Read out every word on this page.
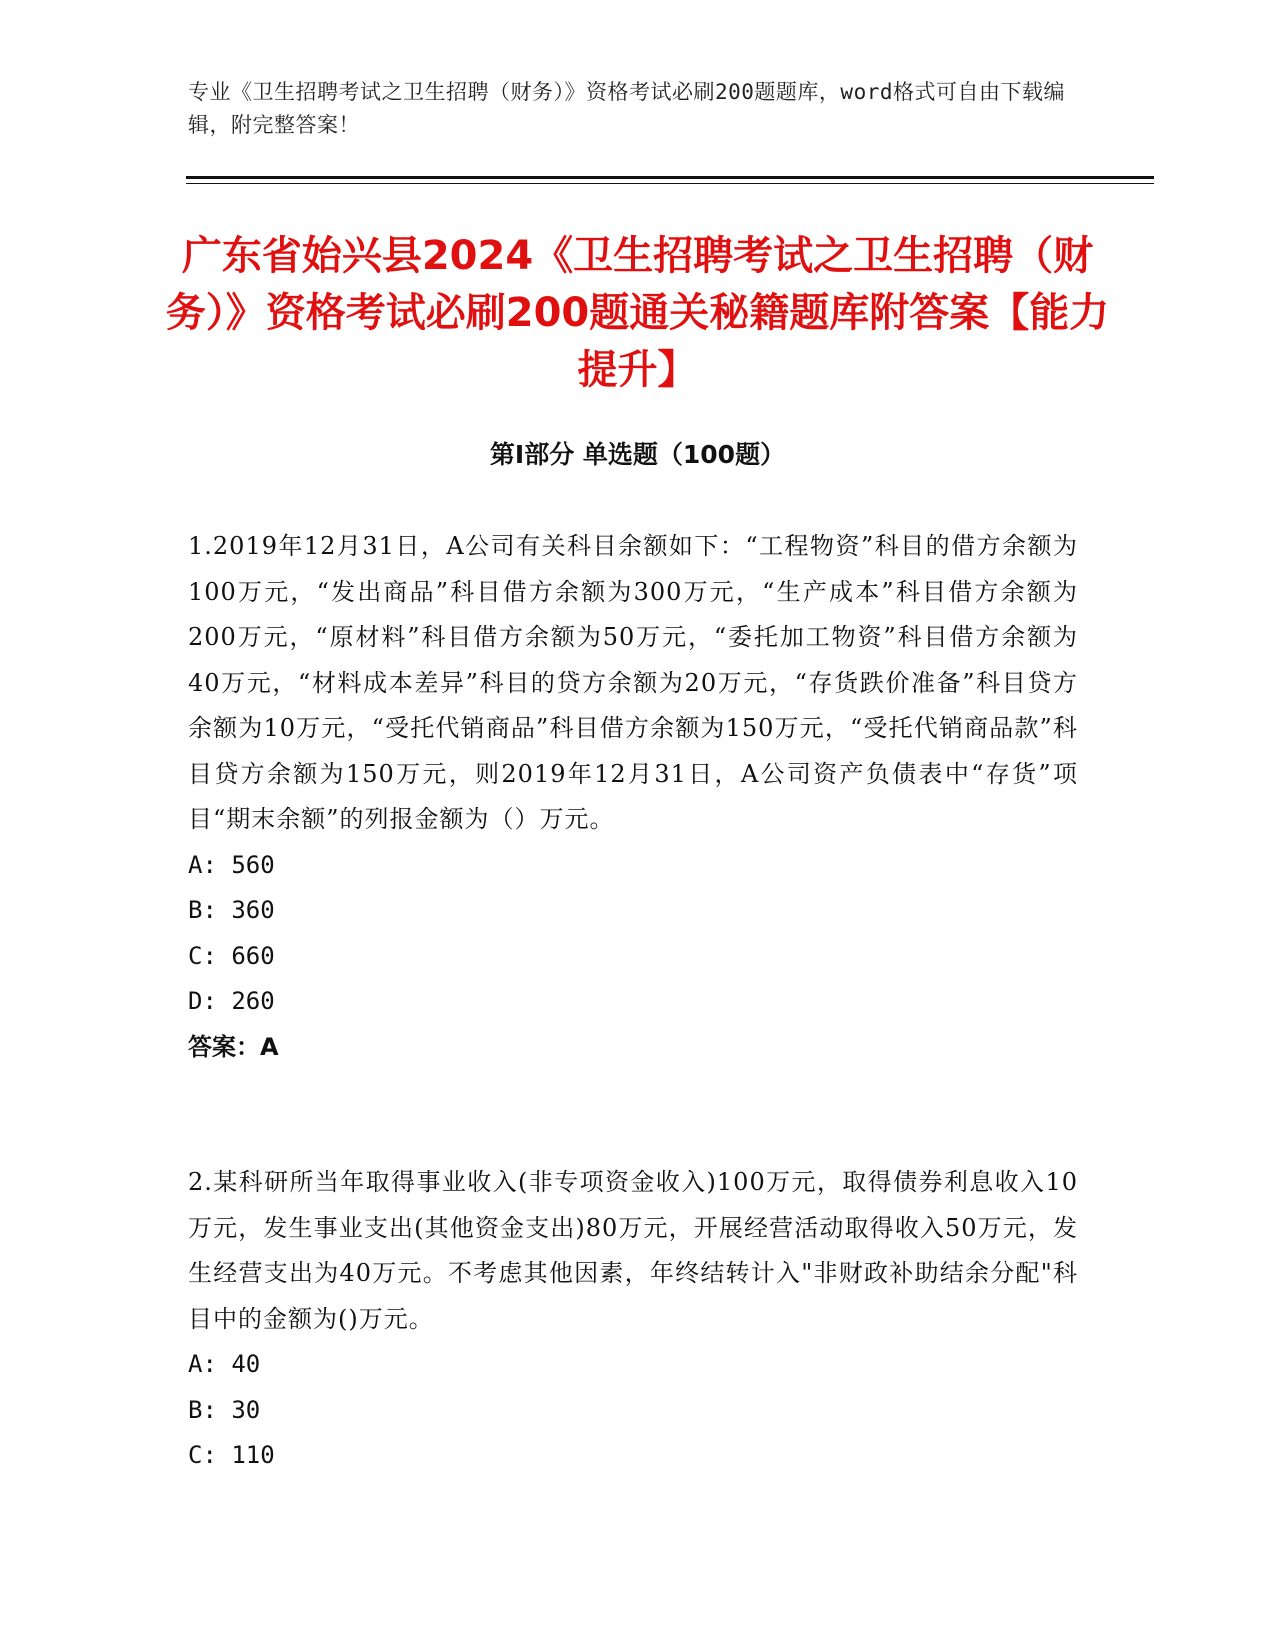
专业《卫生招聘考试之卫生招聘（财务）》资格考试必刷200题题库，word格式可自由下载编辑，附完整答案！
广东省始兴县2024《卫生招聘考试之卫生招聘（财务）》资格考试必刷200题通关秘籍题库附答案【能力提升】
第I部分 单选题（100题）

1.2019年12月31日，A公司有关科目余额如下：“工程物资”科目的借方余额为100万元，“发出商品”科目借方余额为300万元，“生产成本”科目借方余额为200万元，“原材料”科目借方余额为50万元，“委托加工物资”科目借方余额为40万元，“材料成本差异”科目的贷方余额为20万元，“存货跌价准备”科目贷方余额为10万元，“受托代销商品”科目借方余额为150万元，“受托代销商品款”科目贷方余额为150万元，则2019年12月31日，A公司资产负债表中“存货”项目“期末余额”的列报金额为（）万元。

A: 560

B: 360

C: 660

D: 260

答案：A

2.某科研所当年取得事业收入(非专项资金收入)100万元，取得债券利息收入10万元，发生事业支出(其他资金支出)80万元，开展经营活动取得收入50万元，发生经营支出为40万元。不考虑其他因素，年终结转计入"非财政补助结余分配"科目中的金额为()万元。

A: 40

B: 30

C: 110
